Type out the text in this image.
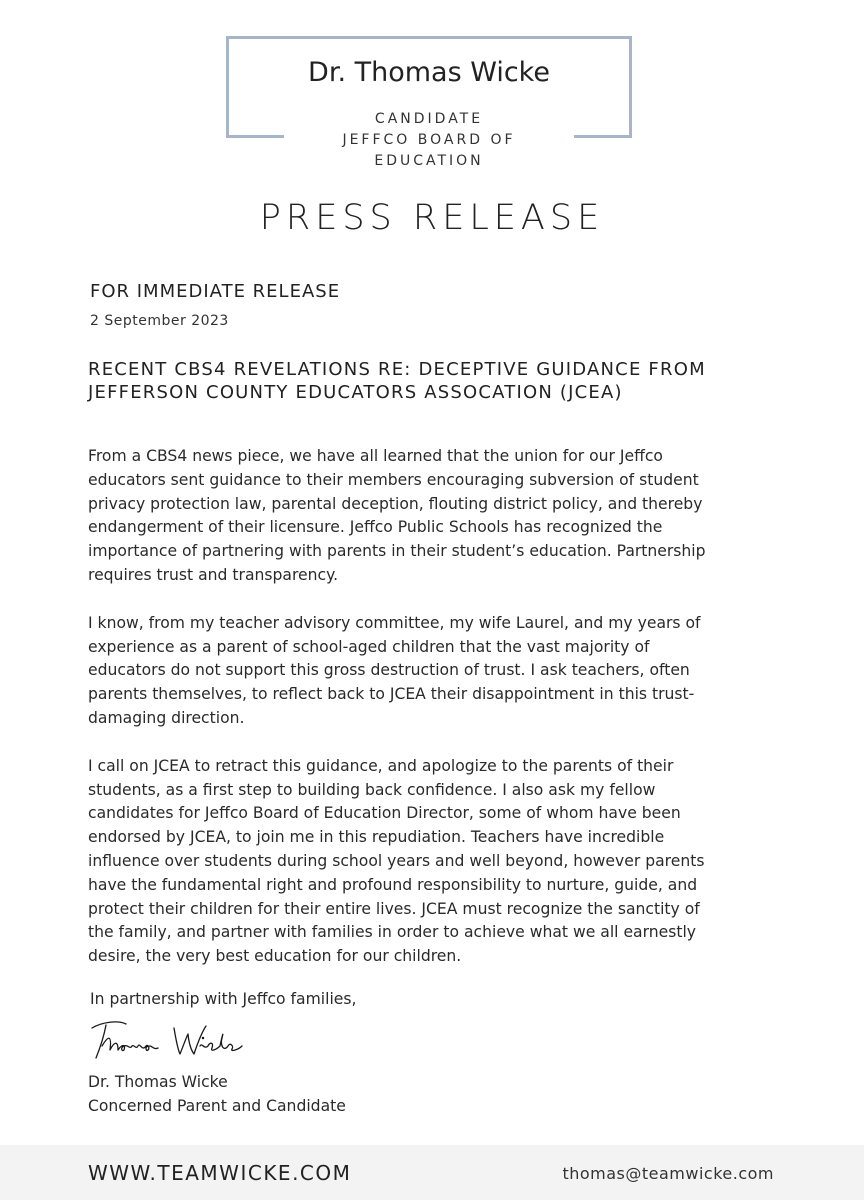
Dr. Thomas Wicke
CANDIDATE
JEFFCO BOARD OF
EDUCATION
PRESS RELEASE
FOR IMMEDIATE RELEASE
2 September 2023
RECENT CBS4 REVELATIONS RE: DECEPTIVE GUIDANCE FROM
JEFFERSON COUNTY EDUCATORS ASSOCATION (JCEA)
From a CBS4 news piece, we have all learned that the union for our Jeffco
educators sent guidance to their members encouraging subversion of student
privacy protection law, parental deception, flouting district policy, and thereby
endangerment of their licensure. Jeffco Public Schools has recognized the
importance of partnering with parents in their student’s education. Partnership
requires trust and transparency.
I know, from my teacher advisory committee, my wife Laurel, and my years of
experience as a parent of school-aged children that the vast majority of
educators do not support this gross destruction of trust. I ask teachers, often
parents themselves, to reflect back to JCEA their disappointment in this trust-
damaging direction.
I call on JCEA to retract this guidance, and apologize to the parents of their
students, as a first step to building back confidence. I also ask my fellow
candidates for Jeffco Board of Education Director, some of whom have been
endorsed by JCEA, to join me in this repudiation. Teachers have incredible
influence over students during school years and well beyond, however parents
have the fundamental right and profound responsibility to nurture, guide, and
protect their children for their entire lives. JCEA must recognize the sanctity of
the family, and partner with families in order to achieve what we all earnestly
desire, the very best education for our children.
In partnership with Jeffco families,
Dr. Thomas Wicke
Concerned Parent and Candidate
WWW.TEAMWICKE.COM	thomas@teamwicke.com
